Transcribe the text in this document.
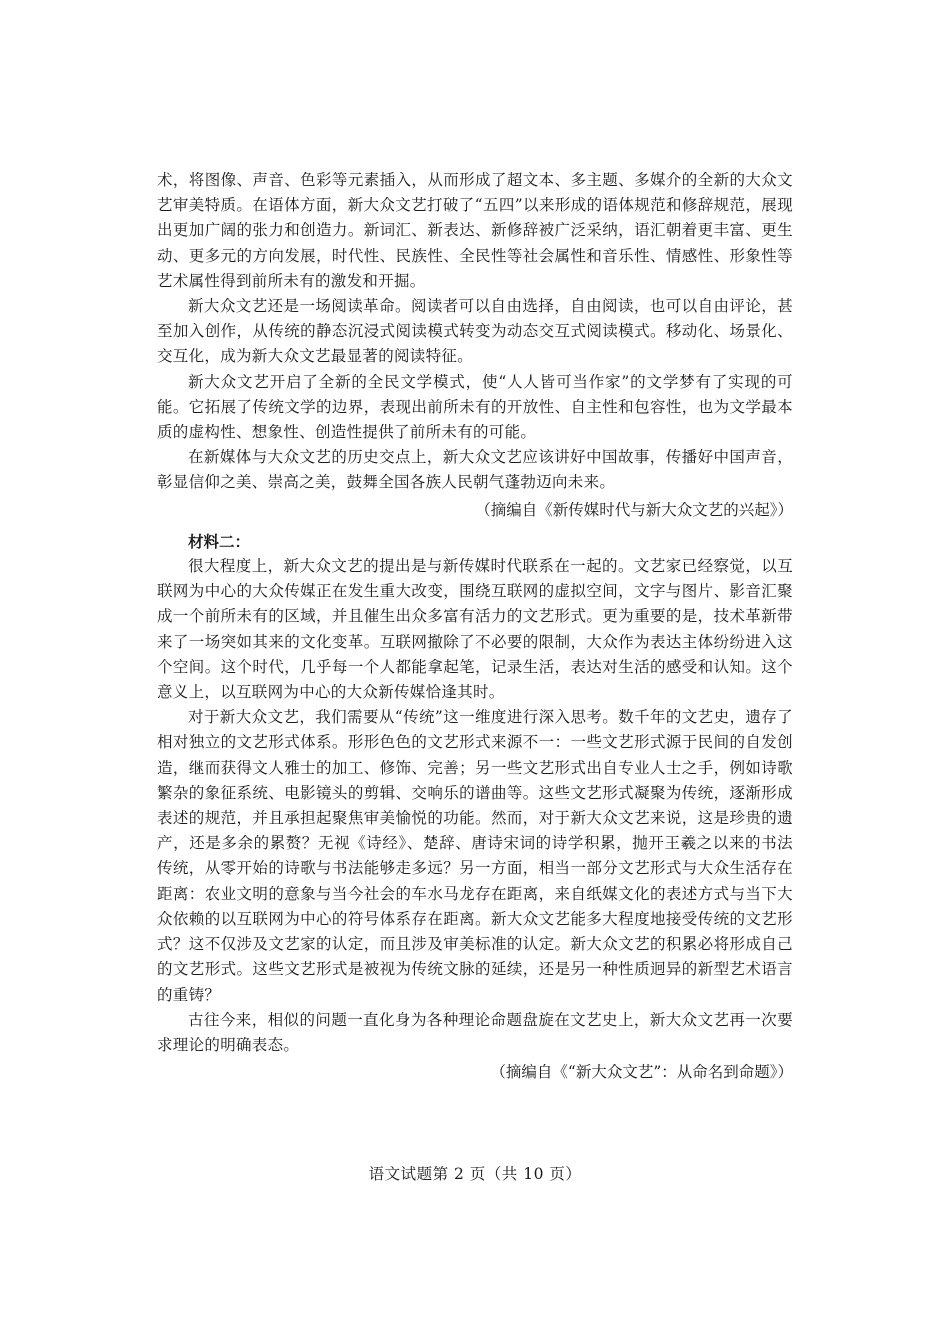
术，将图像、声音、色彩等元素插入，从而形成了超文本、多主题、多媒介的全新的大众文艺审美特质。在语体方面，新大众文艺打破了“五四”以来形成的语体规范和修辞规范，展现出更加广阔的张力和创造力。新词汇、新表达、新修辞被广泛采纳，语汇朝着更丰富、更生动、更多元的方向发展，时代性、民族性、全民性等社会属性和音乐性、情感性、形象性等艺术属性得到前所未有的激发和开掘。

新大众文艺还是一场阅读革命。阅读者可以自由选择，自由阅读，也可以自由评论，甚至加入创作，从传统的静态沉浸式阅读模式转变为动态交互式阅读模式。移动化、场景化、交互化，成为新大众文艺最显著的阅读特征。

新大众文艺开启了全新的全民文学模式，使“人人皆可当作家”的文学梦有了实现的可能。它拓展了传统文学的边界，表现出前所未有的开放性、自主性和包容性，也为文学最本质的虚构性、想象性、创造性提供了前所未有的可能。

在新媒体与大众文艺的历史交点上，新大众文艺应该讲好中国故事，传播好中国声音，彰显信仰之美、崇高之美，鼓舞全国各族人民朝气蓬勃迈向未来。

（摘编自《新传媒时代与新大众文艺的兴起》）

材料二：

很大程度上，新大众文艺的提出是与新传媒时代联系在一起的。文艺家已经察觉，以互联网为中心的大众传媒正在发生重大改变，围绕互联网的虚拟空间，文字与图片、影音汇聚成一个前所未有的区域，并且催生出众多富有活力的文艺形式。更为重要的是，技术革新带来了一场突如其来的文化变革。互联网撤除了不必要的限制，大众作为表达主体纷纷进入这个空间。这个时代，几乎每一个人都能拿起笔，记录生活，表达对生活的感受和认知。这个意义上，以互联网为中心的大众新传媒恰逢其时。

对于新大众文艺，我们需要从“传统”这一维度进行深入思考。数千年的文艺史，遗存了相对独立的文艺形式体系。形形色色的文艺形式来源不一：一些文艺形式源于民间的自发创造，继而获得文人雅士的加工、修饰、完善；另一些文艺形式出自专业人士之手，例如诗歌繁杂的象征系统、电影镜头的剪辑、交响乐的谱曲等。这些文艺形式凝聚为传统，逐渐形成表述的规范，并且承担起聚焦审美愉悦的功能。然而，对于新大众文艺来说，这是珍贵的遗产，还是多余的累赘？无视《诗经》、楚辞、唐诗宋词的诗学积累，抛开王羲之以来的书法传统，从零开始的诗歌与书法能够走多远？另一方面，相当一部分文艺形式与大众生活存在距离：农业文明的意象与当今社会的车水马龙存在距离，来自纸媒文化的表述方式与当下大众依赖的以互联网为中心的符号体系存在距离。新大众文艺能多大程度地接受传统的文艺形式？这不仅涉及文艺家的认定，而且涉及审美标准的认定。新大众文艺的积累必将形成自己的文艺形式。这些文艺形式是被视为传统文脉的延续，还是另一种性质迥异的新型艺术语言的重铸？

古往今来，相似的问题一直化身为各种理论命题盘旋在文艺史上，新大众文艺再一次要求理论的明确表态。

（摘编自《“新大众文艺”：从命名到命题》）

语文试题第 2 页（共 10 页）
